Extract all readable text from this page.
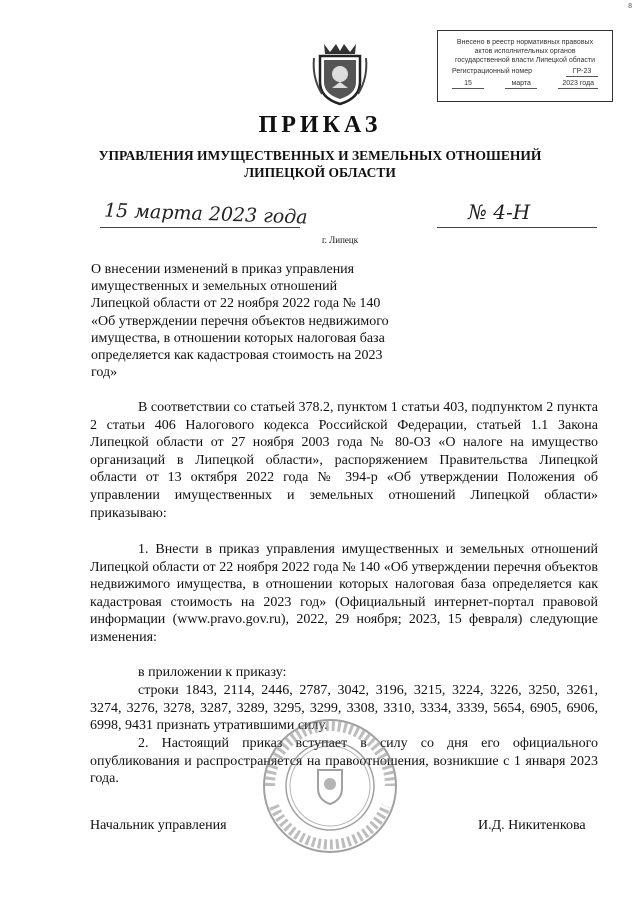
8
Внесено в реестр нормативных правовых
актов исполнительных органов
государственной власти Липецкой области
Регистрационный номер	ГР-23
15	марта	2023 года
ПРИКАЗ
УПРАВЛЕНИЯ ИМУЩЕСТВЕННЫХ И ЗЕМЕЛЬНЫХ ОТНОШЕНИЙ
ЛИПЕЦКОЙ ОБЛАСТИ
15 марта 2023 года	№ 4-Н
г. Липецк
О внесении изменений в приказ управления имущественных и земельных отношений Липецкой области от 22 ноября 2022 года № 140 «Об утверждении перечня объектов недвижимого имущества, в отношении которых налоговая база определяется как кадастровая стоимость на 2023 год»
В соответствии со статьей 378.2, пунктом 1 статьи 403, подпунктом 2 пункта 2 статьи 406 Налогового кодекса Российской Федерации, статьей 1.1 Закона Липецкой области от 27 ноября 2003 года № 80-ОЗ «О налоге на имущество организаций в Липецкой области», распоряжением Правительства Липецкой области от 13 октября 2022 года № 394-р «Об утверждении Положения об управлении имущественных и земельных отношений Липецкой области» приказываю:
1. Внести в приказ управления имущественных и земельных отношений Липецкой области от 22 ноября 2022 года № 140 «Об утверждении перечня объектов недвижимого имущества, в отношении которых налоговая база определяется как кадастровая стоимость на 2023 год» (Официальный интернет-портал правовой информации (www.pravo.gov.ru), 2022, 29 ноября; 2023, 15 февраля) следующие изменения:
в приложении к приказу:
строки 1843, 2114, 2446, 2787, 3042, 3196, 3215, 3224, 3226, 3250, 3261, 3274, 3276, 3278, 3287, 3289, 3295, 3299, 3308, 3310, 3334, 3339, 5654, 6905, 6906, 6998, 9431 признать утратившими силу.
2. Настоящий приказ вступает в силу со дня его официального опубликования и распространяется на правоотношения, возникшие с 1 января 2023 года.
Начальник управления	И.Д. Никитенкова
